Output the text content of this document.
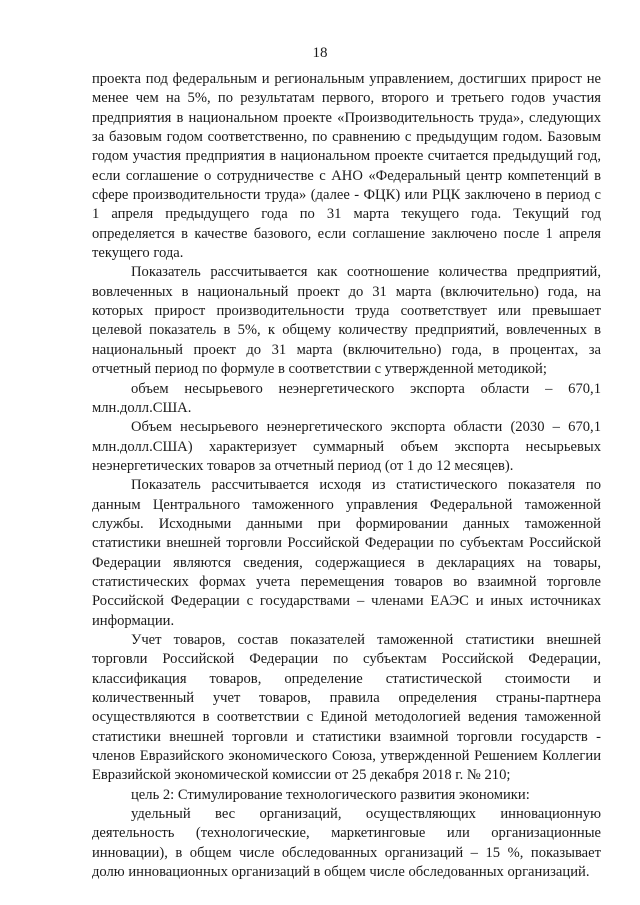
18

проекта под федеральным и региональным управлением, достигших прирост не менее чем на 5%, по результатам первого, второго и третьего годов участия предприятия в национальном проекте «Производительность труда», следующих за базовым годом соответственно, по сравнению с предыдущим годом. Базовым годом участия предприятия в национальном проекте считается предыдущий год, если соглашение о сотрудничестве с АНО «Федеральный центр компетенций в сфере производительности труда» (далее - ФЦК) или РЦК заключено в период с 1 апреля предыдущего года по 31 марта текущего года. Текущий год определяется в качестве базового, если соглашение заключено после 1 апреля текущего года.

Показатель рассчитывается как соотношение количества предприятий, вовлеченных в национальный проект до 31 марта (включительно) года, на которых прирост производительности труда соответствует или превышает целевой показатель в 5%, к общему количеству предприятий, вовлеченных в национальный проект до 31 марта (включительно) года, в процентах, за отчетный период по формуле в соответствии с утвержденной методикой;

объем несырьевого неэнергетического экспорта области – 670,1 млн.долл.США.

Объем несырьевого неэнергетического экспорта области (2030 – 670,1 млн.долл.США) характеризует суммарный объем экспорта несырьевых неэнергетических товаров за отчетный период (от 1 до 12 месяцев).

Показатель рассчитывается исходя из статистического показателя по данным Центрального таможенного управления Федеральной таможенной службы. Исходными данными при формировании данных таможенной статистики внешней торговли Российской Федерации по субъектам Российской Федерации являются сведения, содержащиеся в декларациях на товары, статистических формах учета перемещения товаров во взаимной торговле Российской Федерации с государствами – членами ЕАЭС и иных источниках информации.

Учет товаров, состав показателей таможенной статистики внешней торговли Российской Федерации по субъектам Российской Федерации, классификация товаров, определение статистической стоимости и количественный учет товаров, правила определения страны-партнера осуществляются в соответствии с Единой методологией ведения таможенной статистики внешней торговли и статистики взаимной торговли государств - членов Евразийского экономического Союза, утвержденной Решением Коллегии Евразийской экономической комиссии от 25 декабря 2018 г. № 210;

цель 2: Стимулирование технологического развития экономики:

удельный вес организаций, осуществляющих инновационную деятельность (технологические, маркетинговые или организационные инновации), в общем числе обследованных организаций – 15 %, показывает долю инновационных организаций в общем числе обследованных организаций.
